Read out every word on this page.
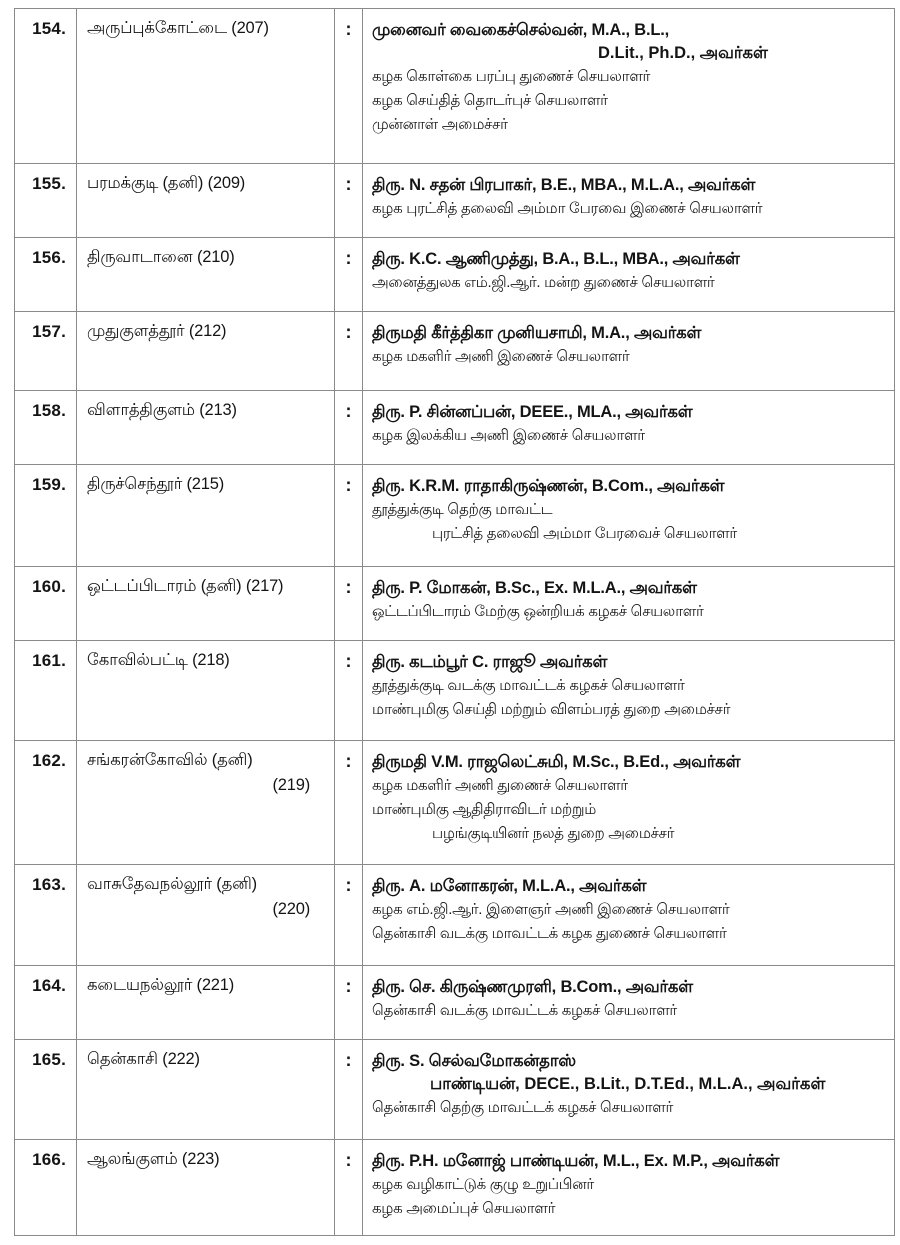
154.	அருப்புக்கோட்டை (207)	:	முனைவர் வைகைச்செல்வன், M.A., B.L.,
D.Lit., Ph.D., அவர்கள்
கழக கொள்கை பரப்பு துணைச் செயலாளர்
கழக செய்தித் தொடர்புச் செயலாளர்
முன்னாள் அமைச்சர்

155.	பரமக்குடி (தனி) (209)	:	திரு. N. சதன் பிரபாகர், B.E., MBA., M.L.A., அவர்கள்
கழக புரட்சித் தலைவி அம்மா பேரவை இணைச் செயலாளர்

156.	திருவாடானை (210)	:	திரு. K.C. ஆணிமுத்து, B.A., B.L., MBA., அவர்கள்
அனைத்துலக எம்.ஜி.ஆர். மன்ற துணைச் செயலாளர்

157.	முதுகுளத்தூர் (212)	:	திருமதி கீர்த்திகா முனியசாமி, M.A., அவர்கள்
கழக மகளிர் அணி இணைச் செயலாளர்

158.	விளாத்திகுளம் (213)	:	திரு. P. சின்னப்பன், DEEE., MLA., அவர்கள்
கழக இலக்கிய அணி இணைச் செயலாளர்

159.	திருச்செந்தூர் (215)	:	திரு. K.R.M. ராதாகிருஷ்ணன், B.Com., அவர்கள்
தூத்துக்குடி தெற்கு மாவட்ட
புரட்சித் தலைவி அம்மா பேரவைச் செயலாளர்

160.	ஒட்டப்பிடாரம் (தனி) (217)	:	திரு. P. மோகன், B.Sc., Ex. M.L.A., அவர்கள்
ஒட்டப்பிடாரம் மேற்கு ஒன்றியக் கழகச் செயலாளர்

161.	கோவில்பட்டி (218)	:	திரு. கடம்பூர் C. ராஜூ அவர்கள்
தூத்துக்குடி வடக்கு மாவட்டக் கழகச் செயலாளர்
மாண்புமிகு செய்தி மற்றும் விளம்பரத் துறை அமைச்சர்

162.	சங்கரன்கோவில் (தனி)
(219)	:	திருமதி V.M. ராஜலெட்சுமி, M.Sc., B.Ed., அவர்கள்
கழக மகளிர் அணி துணைச் செயலாளர்
மாண்புமிகு ஆதிதிராவிடர் மற்றும்
பழங்குடியினர் நலத் துறை அமைச்சர்

163.	வாசுதேவநல்லூர் (தனி)
(220)	:	திரு. A. மனோகரன், M.L.A., அவர்கள்
கழக எம்.ஜி.ஆர். இளைஞர் அணி இணைச் செயலாளர்
தென்காசி வடக்கு மாவட்டக் கழக துணைச் செயலாளர்

164.	கடையநல்லூர் (221)	:	திரு. செ. கிருஷ்ணமுரளி, B.Com., அவர்கள்
தென்காசி வடக்கு மாவட்டக் கழகச் செயலாளர்

165.	தென்காசி (222)	:	திரு. S. செல்வமோகன்தாஸ்
பாண்டியன், DECE., B.Lit., D.T.Ed., M.L.A., அவர்கள்
தென்காசி தெற்கு மாவட்டக் கழகச் செயலாளர்

166.	ஆலங்குளம் (223)	:	திரு. P.H. மனோஜ் பாண்டியன், M.L., Ex. M.P., அவர்கள்
கழக வழிகாட்டுக் குழு உறுப்பினர்
கழக அமைப்புச் செயலாளர்
